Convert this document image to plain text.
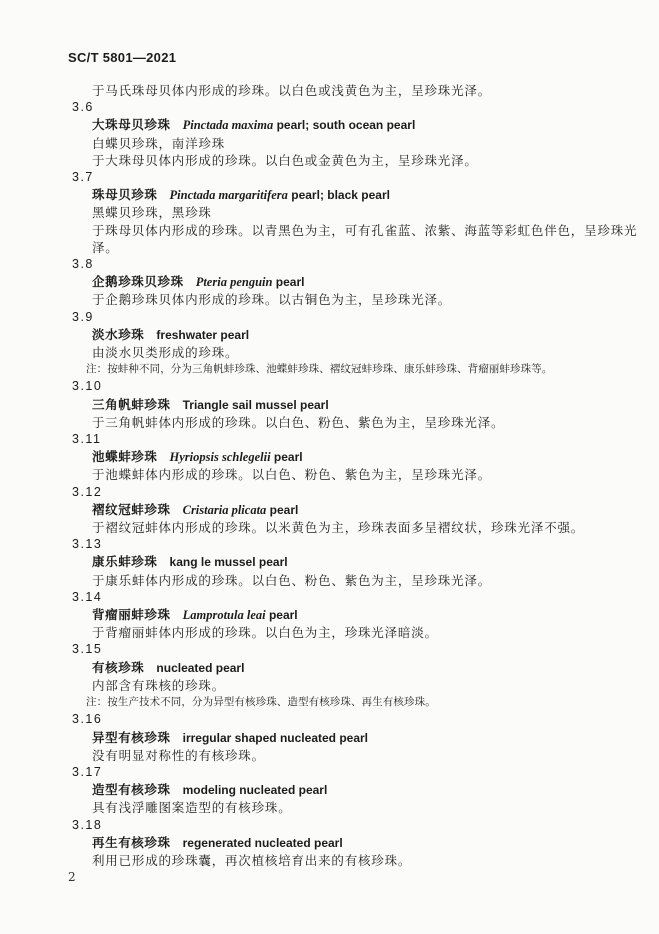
SC/T 5801—2021
于马氏珠母贝体内形成的珍珠。以白色或浅黄色为主，呈珍珠光泽。
3.6
大珠母贝珍珠 Pinctada maxima pearl; south ocean pearl
白蝶贝珍珠，南洋珍珠
于大珠母贝体内形成的珍珠。以白色或金黄色为主，呈珍珠光泽。
3.7
珠母贝珍珠 Pinctada margaritifera pearl; black pearl
黑蝶贝珍珠，黑珍珠
于珠母贝体内形成的珍珠。以青黑色为主，可有孔雀蓝、浓紫、海蓝等彩虹色伴色，呈珍珠光泽。
3.8
企鹅珍珠贝珍珠 Pteria penguin pearl
于企鹅珍珠贝体内形成的珍珠。以古铜色为主，呈珍珠光泽。
3.9
淡水珍珠 freshwater pearl
由淡水贝类形成的珍珠。
注：按蚌种不同，分为三角帆蚌珍珠、池蝶蚌珍珠、褶纹冠蚌珍珠、康乐蚌珍珠、背瘤丽蚌珍珠等。
3.10
三角帆蚌珍珠 Triangle sail mussel pearl
于三角帆蚌体内形成的珍珠。以白色、粉色、紫色为主，呈珍珠光泽。
3.11
池蝶蚌珍珠 Hyriopsis schlegelii pearl
于池蝶蚌体内形成的珍珠。以白色、粉色、紫色为主，呈珍珠光泽。
3.12
褶纹冠蚌珍珠 Cristaria plicata pearl
于褶纹冠蚌体内形成的珍珠。以米黄色为主，珍珠表面多呈褶纹状，珍珠光泽不强。
3.13
康乐蚌珍珠 kang le mussel pearl
于康乐蚌体内形成的珍珠。以白色、粉色、紫色为主，呈珍珠光泽。
3.14
背瘤丽蚌珍珠 Lamprotula leai pearl
于背瘤丽蚌体内形成的珍珠。以白色为主，珍珠光泽暗淡。
3.15
有核珍珠 nucleated pearl
内部含有珠核的珍珠。
注：按生产技术不同，分为异型有核珍珠、造型有核珍珠、再生有核珍珠。
3.16
异型有核珍珠 irregular shaped nucleated pearl
没有明显对称性的有核珍珠。
3.17
造型有核珍珠 modeling nucleated pearl
具有浅浮雕图案造型的有核珍珠。
3.18
再生有核珍珠 regenerated nucleated pearl
利用已形成的珍珠囊，再次植核培育出来的有核珍珠。
2
